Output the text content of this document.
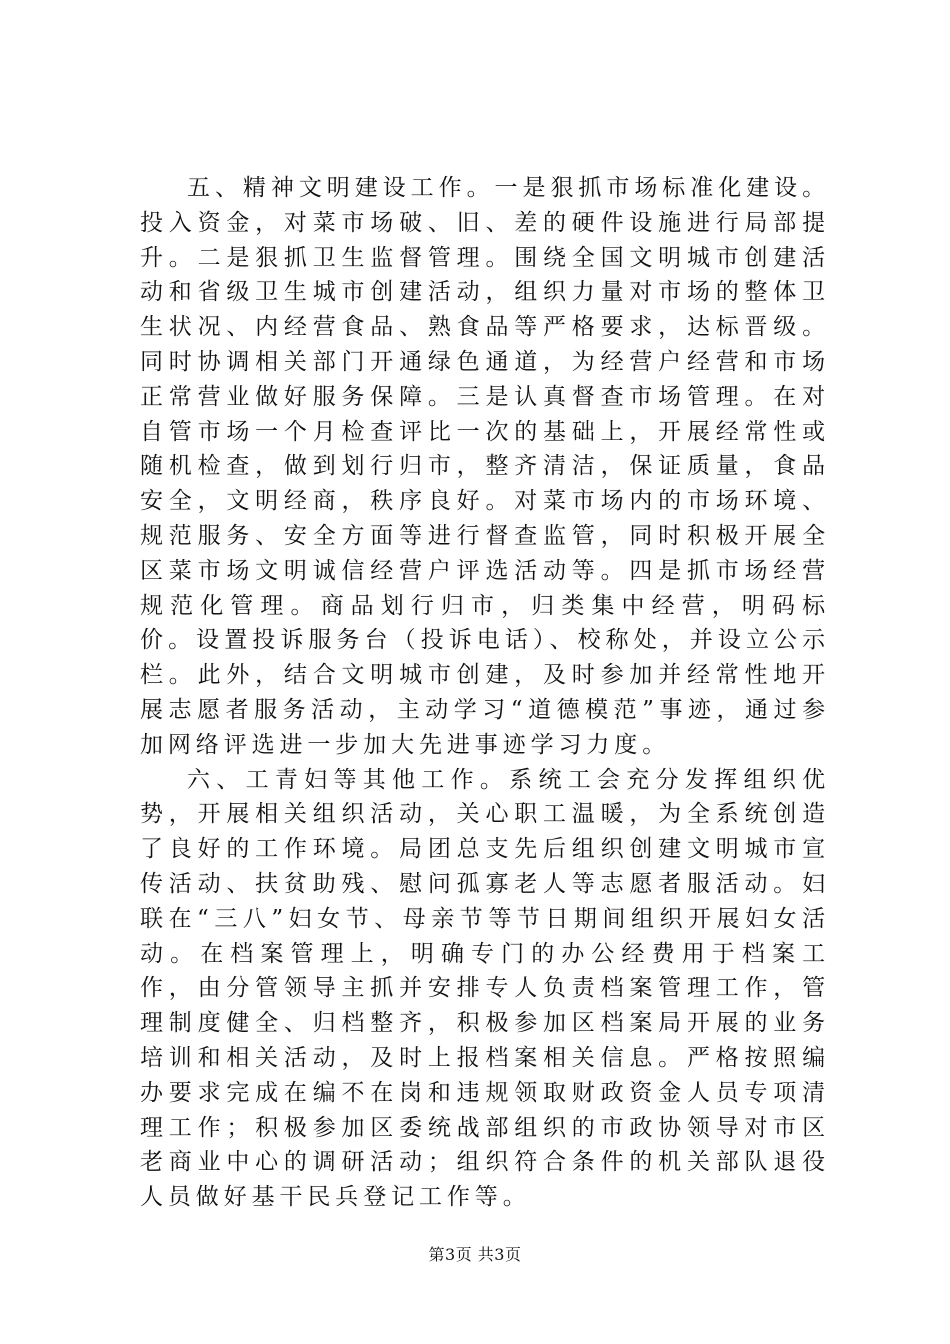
五、精神文明建设工作。一是狠抓市场标准化建设。投入资金，对菜市场破、旧、差的硬件设施进行局部提升。二是狠抓卫生监督管理。围绕全国文明城市创建活动和省级卫生城市创建活动，组织力量对市场的整体卫生状况、内经营食品、熟食品等严格要求，达标晋级。同时协调相关部门开通绿色通道，为经营户经营和市场正常营业做好服务保障。三是认真督查市场管理。在对自管市场一个月检查评比一次的基础上，开展经常性或随机检查，做到划行归市，整齐清洁，保证质量，食品安全，文明经商，秩序良好。对菜市场内的市场环境、规范服务、安全方面等进行督查监管，同时积极开展全区菜市场文明诚信经营户评选活动等。四是抓市场经营规范化管理。商品划行归市，归类集中经营，明码标价。设置投诉服务台（投诉电话）、校称处，并设立公示栏。此外，结合文明城市创建，及时参加并经常性地开展志愿者服务活动，主动学习“道德模范”事迹，通过参加网络评选进一步加大先进事迹学习力度。

六、工青妇等其他工作。系统工会充分发挥组织优势，开展相关组织活动，关心职工温暖，为全系统创造了良好的工作环境。局团总支先后组织创建文明城市宣传活动、扶贫助残、慰问孤寡老人等志愿者服活动。妇联在“三八”妇女节、母亲节等节日期间组织开展妇女活动。在档案管理上，明确专门的办公经费用于档案工作，由分管领导主抓并安排专人负责档案管理工作，管理制度健全、归档整齐，积极参加区档案局开展的业务培训和相关活动，及时上报档案相关信息。严格按照编办要求完成在编不在岗和违规领取财政资金人员专项清理工作；积极参加区委统战部组织的市政协领导对市区老商业中心的调研活动；组织符合条件的机关部队退役人员做好基干民兵登记工作等。

第3页 共3页
